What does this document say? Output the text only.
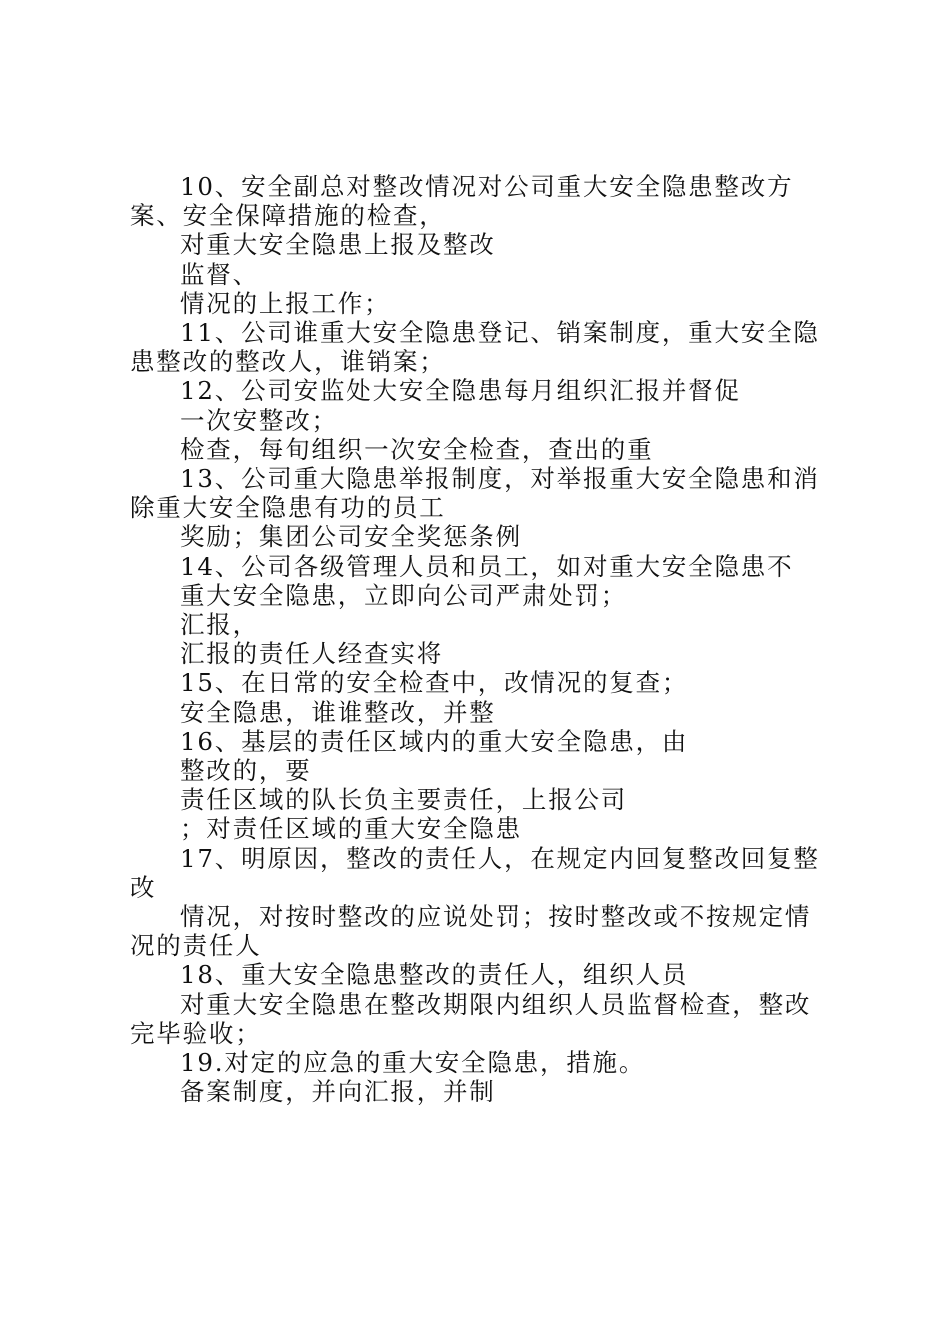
10、安全副总对整改情况对公司重大安全隐患整改方案、安全保障措施的检查，

对重大安全隐患上报及整改

监督、

情况的上报工作；

11、公司谁重大安全隐患登记、销案制度，重大安全隐患整改的整改人，谁销案；

12、公司安监处大安全隐患每月组织汇报并督促

一次安整改；

检查，每旬组织一次安全检查，查出的重

13、公司重大隐患举报制度，对举报重大安全隐患和消除重大安全隐患有功的员工

奖励；集团公司安全奖惩条例

14、公司各级管理人员和员工，如对重大安全隐患不

重大安全隐患，立即向公司严肃处罚；

汇报，

汇报的责任人经查实将

15、在日常的安全检查中，改情况的复查；

安全隐患，谁谁整改，并整

16、基层的责任区域内的重大安全隐患，由

整改的，要

责任区域的队长负主要责任，上报公司

；对责任区域的重大安全隐患

17、明原因，整改的责任人，在规定内回复整改回复整改

情况，对按时整改的应说处罚；按时整改或不按规定情况的责任人

18、重大安全隐患整改的责任人，组织人员

对重大安全隐患在整改期限内组织人员监督检查，整改完毕验收；

19.对定的应急的重大安全隐患，措施。

备案制度，并向汇报，并制
